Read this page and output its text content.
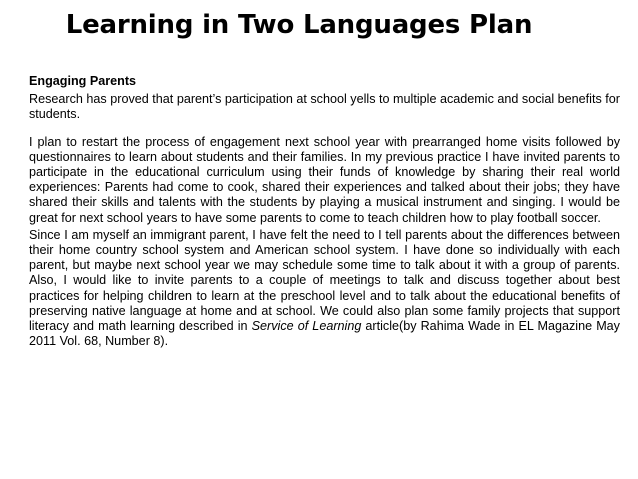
Learning in Two Languages Plan

Engaging Parents

Research has proved that parent’s participation at school yells to multiple academic and social benefits for students.

I plan to restart the process of engagement next school year with prearranged home visits followed by questionnaires to learn about students and their families. In my previous practice I have invited parents to participate in the educational curriculum using their funds of knowledge by sharing their real world experiences: Parents had come to cook, shared their experiences and talked about their jobs; they have shared their skills and talents with the students by playing a musical instrument and singing. I would be great for next school years to have some parents to come to teach children how to play football soccer.

Since I am myself an immigrant parent, I have felt the need to I tell parents about the differences between their home country school system and American school system. I have done so individually with each parent, but maybe next school year we may schedule some time to talk about it with a group of parents. Also, I would like to invite parents to a couple of meetings to talk and discuss together about best practices for helping children to learn at the preschool level and to talk about the educational benefits of preserving native language at home and at school. We could also plan some family projects that support literacy and math learning described in Service of Learning article(by Rahima Wade in EL Magazine May 2011 Vol. 68, Number 8).
